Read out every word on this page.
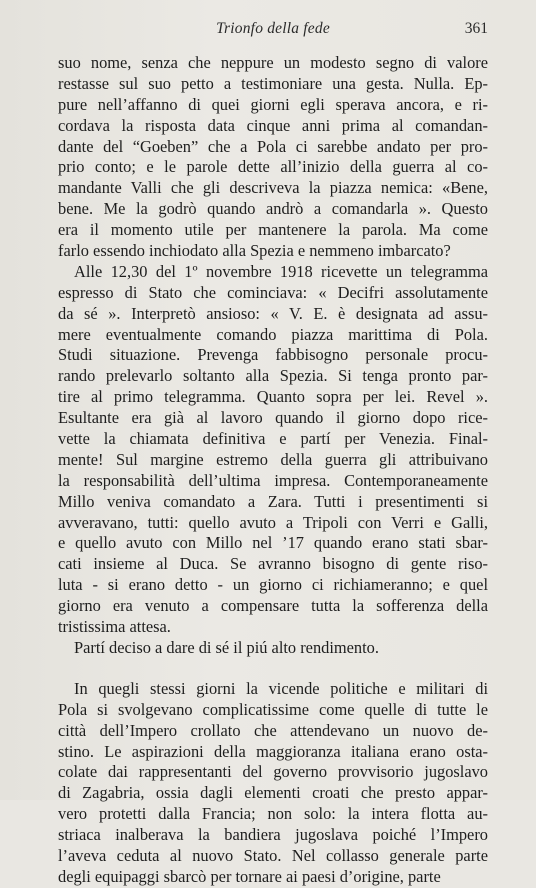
Trionfo della fede	361
suo nome, senza che neppure un modesto segno di valore
restasse sul suo petto a testimoniare una gesta. Nulla. Ep-
pure nell’affanno di quei giorni egli sperava ancora, e ri-
cordava la risposta data cinque anni prima al comandan-
dante del “Goeben” che a Pola ci sarebbe andato per pro-
prio conto; e le parole dette all’inizio della guerra al co-
mandante Valli che gli descriveva la piazza nemica: «Bene,
bene. Me la godrò quando andrò a comandarla ». Questo
era il momento utile per mantenere la parola. Ma come
farlo essendo inchiodato alla Spezia e nemmeno imbarcato?
Alle 12,30 del 1º novembre 1918 ricevette un telegramma
espresso di Stato che cominciava: « Decifri assolutamente
da sé ». Interpretò ansioso: « V. E. è designata ad assu-
mere eventualmente comando piazza marittima di Pola.
Studi situazione. Prevenga fabbisogno personale procu-
rando prelevarlo soltanto alla Spezia. Si tenga pronto par-
tire al primo telegramma. Quanto sopra per lei. Revel ».
Esultante era già al lavoro quando il giorno dopo rice-
vette la chiamata definitiva e partí per Venezia. Final-
mente! Sul margine estremo della guerra gli attribuivano
la responsabilità dell’ultima impresa. Contemporaneamente
Millo veniva comandato a Zara. Tutti i presentimenti si
avveravano, tutti: quello avuto a Tripoli con Verri e Galli,
e quello avuto con Millo nel ’17 quando erano stati sbar-
cati insieme al Duca. Se avranno bisogno di gente riso-
luta - si erano detto - un giorno ci richiameranno; e quel
giorno era venuto a compensare tutta la sofferenza della
tristissima attesa.
Partí deciso a dare di sé il piú alto rendimento.
In quegli stessi giorni la vicende politiche e militari di
Pola si svolgevano complicatissime come quelle di tutte le
città dell’Impero crollato che attendevano un nuovo de-
stino. Le aspirazioni della maggioranza italiana erano osta-
colate dai rappresentanti del governo provvisorio jugoslavo
di Zagabria, ossia dagli elementi croati che presto appar-
vero protetti dalla Francia; non solo: la intera flotta au-
striaca inalberava la bandiera jugoslava poiché l’Impero
l’aveva ceduta al nuovo Stato. Nel collasso generale parte
degli equipaggi sbarcò per tornare ai paesi d’origine, parte
